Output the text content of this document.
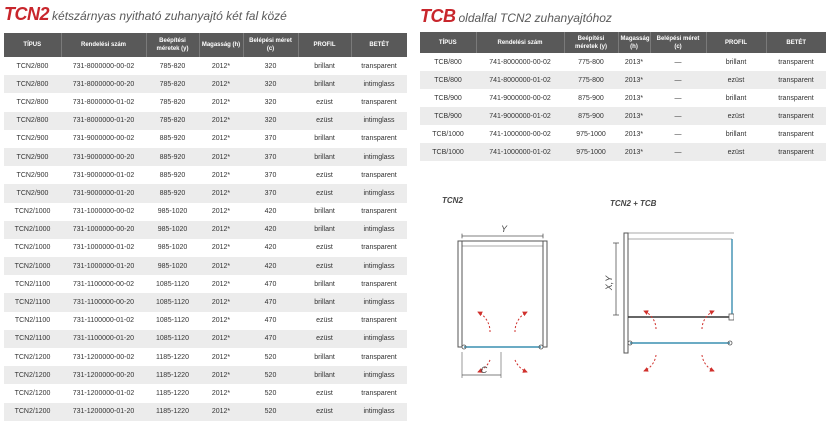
TCN2 kétszárnyas nyitható zuhanyajtó két fal közé	TCB oldalfal TCN2 zuhanyajtóhoz
TÍPUS	Rendelési szám	Beépítési méretek (y)	Magasság (h)	Belépési méret (c)	PROFIL	BETÉT
TCN2/800	731-8000000-00-02	785-820	2012*	320	brillant	transparent
TCN2/800	731-8000000-00-20	785-820	2012*	320	brillant	intimglass
TCN2/800	731-8000000-01-02	785-820	2012*	320	ezüst	transparent
TCN2/800	731-8000000-01-20	785-820	2012*	320	ezüst	intimglass
TCN2/900	731-9000000-00-02	885-920	2012*	370	brillant	transparent
TCN2/900	731-9000000-00-20	885-920	2012*	370	brillant	intimglass
TCN2/900	731-9000000-01-02	885-920	2012*	370	ezüst	transparent
TCN2/900	731-9000000-01-20	885-920	2012*	370	ezüst	intimglass
TCN2/1000	731-1000000-00-02	985-1020	2012*	420	brillant	transparent
TCN2/1000	731-1000000-00-20	985-1020	2012*	420	brillant	intimglass
TCN2/1000	731-1000000-01-02	985-1020	2012*	420	ezüst	transparent
TCN2/1000	731-1000000-01-20	985-1020	2012*	420	ezüst	intimglass
TCN2/1100	731-1100000-00-02	1085-1120	2012*	470	brillant	transparent
TCN2/1100	731-1100000-00-20	1085-1120	2012*	470	brillant	intimglass
TCN2/1100	731-1100000-01-02	1085-1120	2012*	470	ezüst	transparent
TCN2/1100	731-1100000-01-20	1085-1120	2012*	470	ezüst	intimglass
TCN2/1200	731-1200000-00-02	1185-1220	2012*	520	brillant	transparent
TCN2/1200	731-1200000-00-20	1185-1220	2012*	520	brillant	intimglass
TCN2/1200	731-1200000-01-02	1185-1220	2012*	520	ezüst	transparent
TCN2/1200	731-1200000-01-20	1185-1220	2012*	520	ezüst	intimglass
TÍPUS	Rendelési szám	Beépítési méretek (y)	Magasság (h)	Belépési méret (c)	PROFIL	BETÉT
TCB/800	741-8000000-00-02	775-800	2013*	—	brillant	transparent
TCB/800	741-8000000-01-02	775-800	2013*	—	ezüst	transparent
TCB/900	741-9000000-00-02	875-900	2013*	—	brillant	transparent
TCB/900	741-9000000-01-02	875-900	2013*	—	ezüst	transparent
TCB/1000	741-1000000-00-02	975-1000	2013*	—	brillant	transparent
TCB/1000	741-1000000-01-02	975-1000	2013*	—	ezüst	transparent
TCN2	TCN2 + TCB
Y
C
X,Y
